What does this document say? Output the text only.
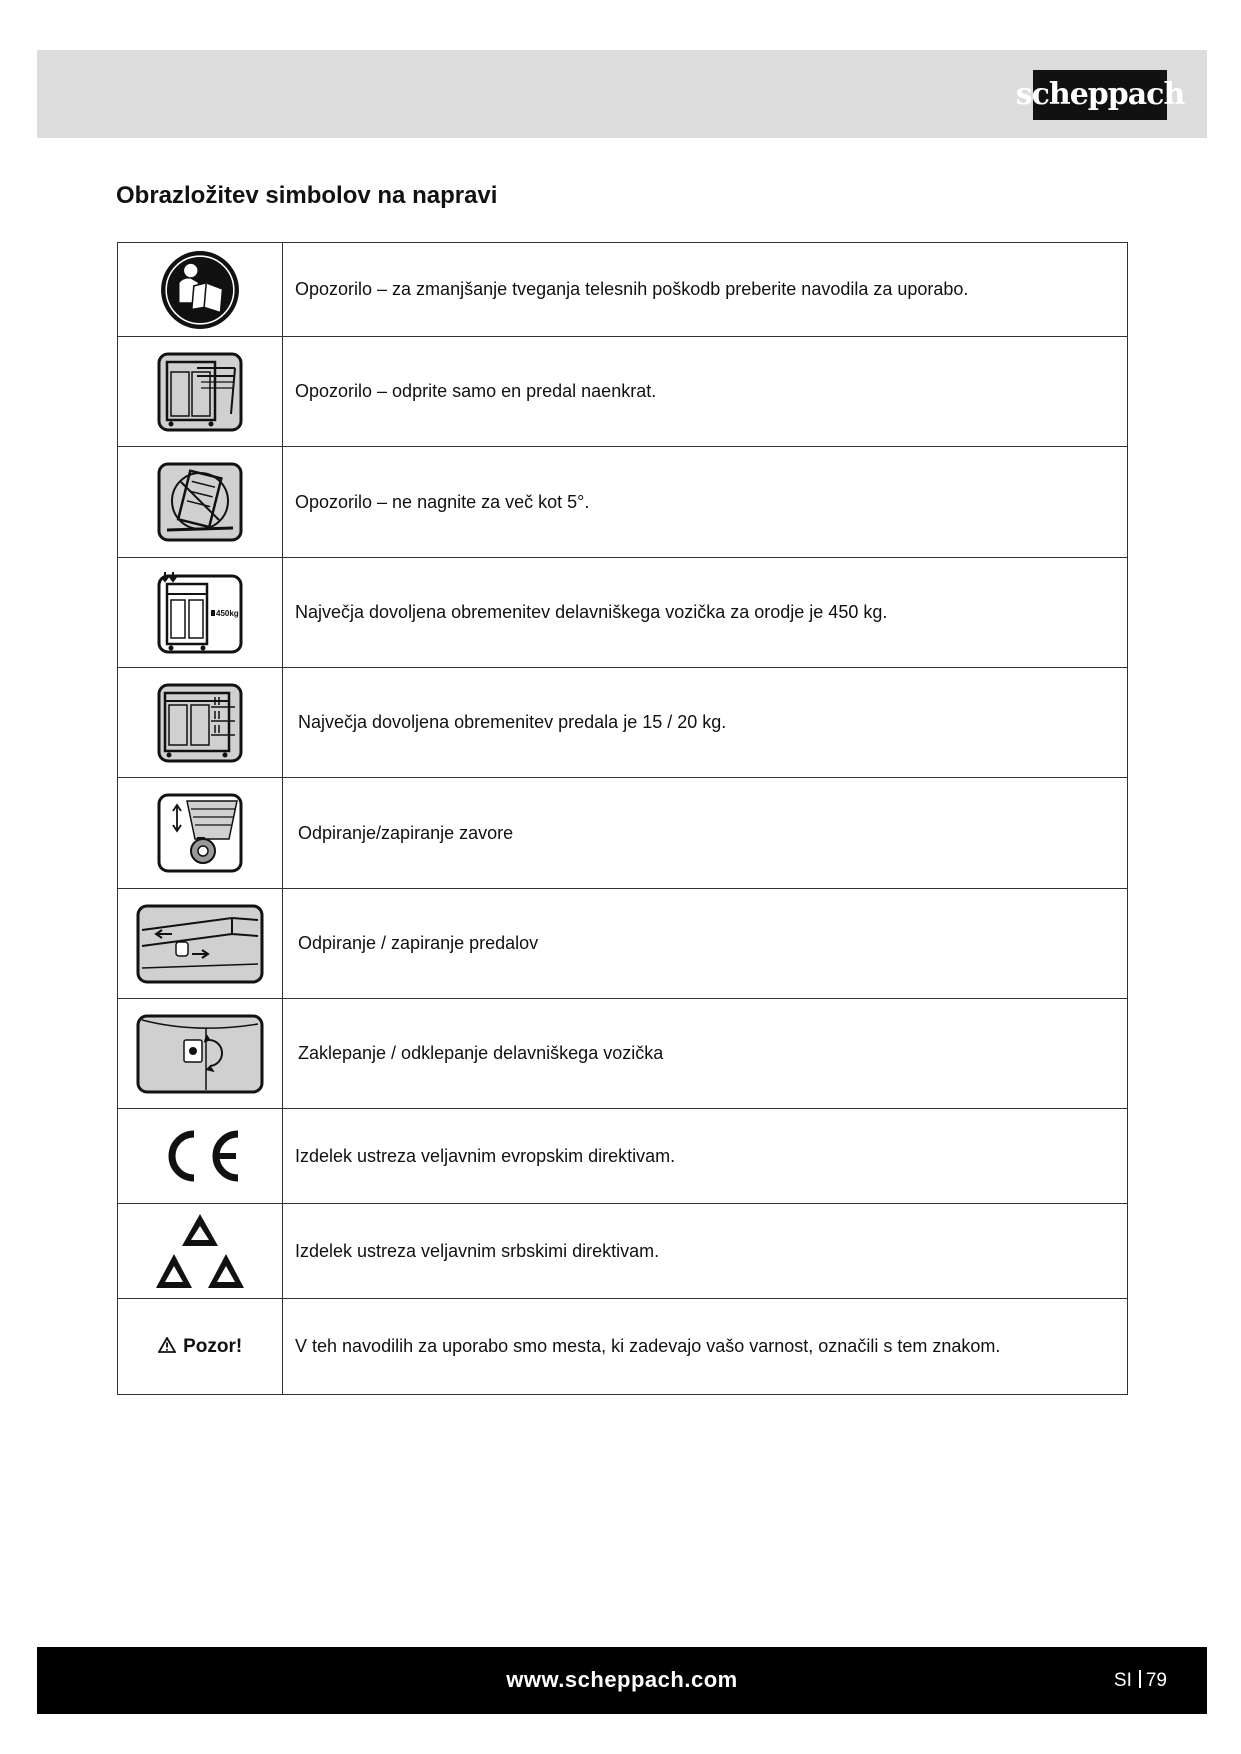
scheppach
Obrazložitev simbolov na napravi
	Opozorilo – za zmanjšanje tveganja telesnih poškodb preberite navodila za uporabo.

	Opozorilo – odprite samo en predal naenkrat.

	Opozorilo – ne nagnite za več kot 5°.

450kg	Največja dovoljena obremenitev delavniškega vozička za orodje je 450 kg.

	Največja dovoljena obremenitev predala je 15 / 20 kg.

	Odpiranje/zapiranje zavore

	Odpiranje / zapiranje predalov

	Zaklepanje / odklepanje delavniškega vozička

	Izdelek ustreza veljavnim evropskim direktivam.

	Izdelek ustreza veljavnim srbskimi direktivam.
Pozor!	V teh navodilih za uporabo smo mesta, ki zadevajo vašo varnost, označili s tem znakom.
www.scheppach.com	SI 79
